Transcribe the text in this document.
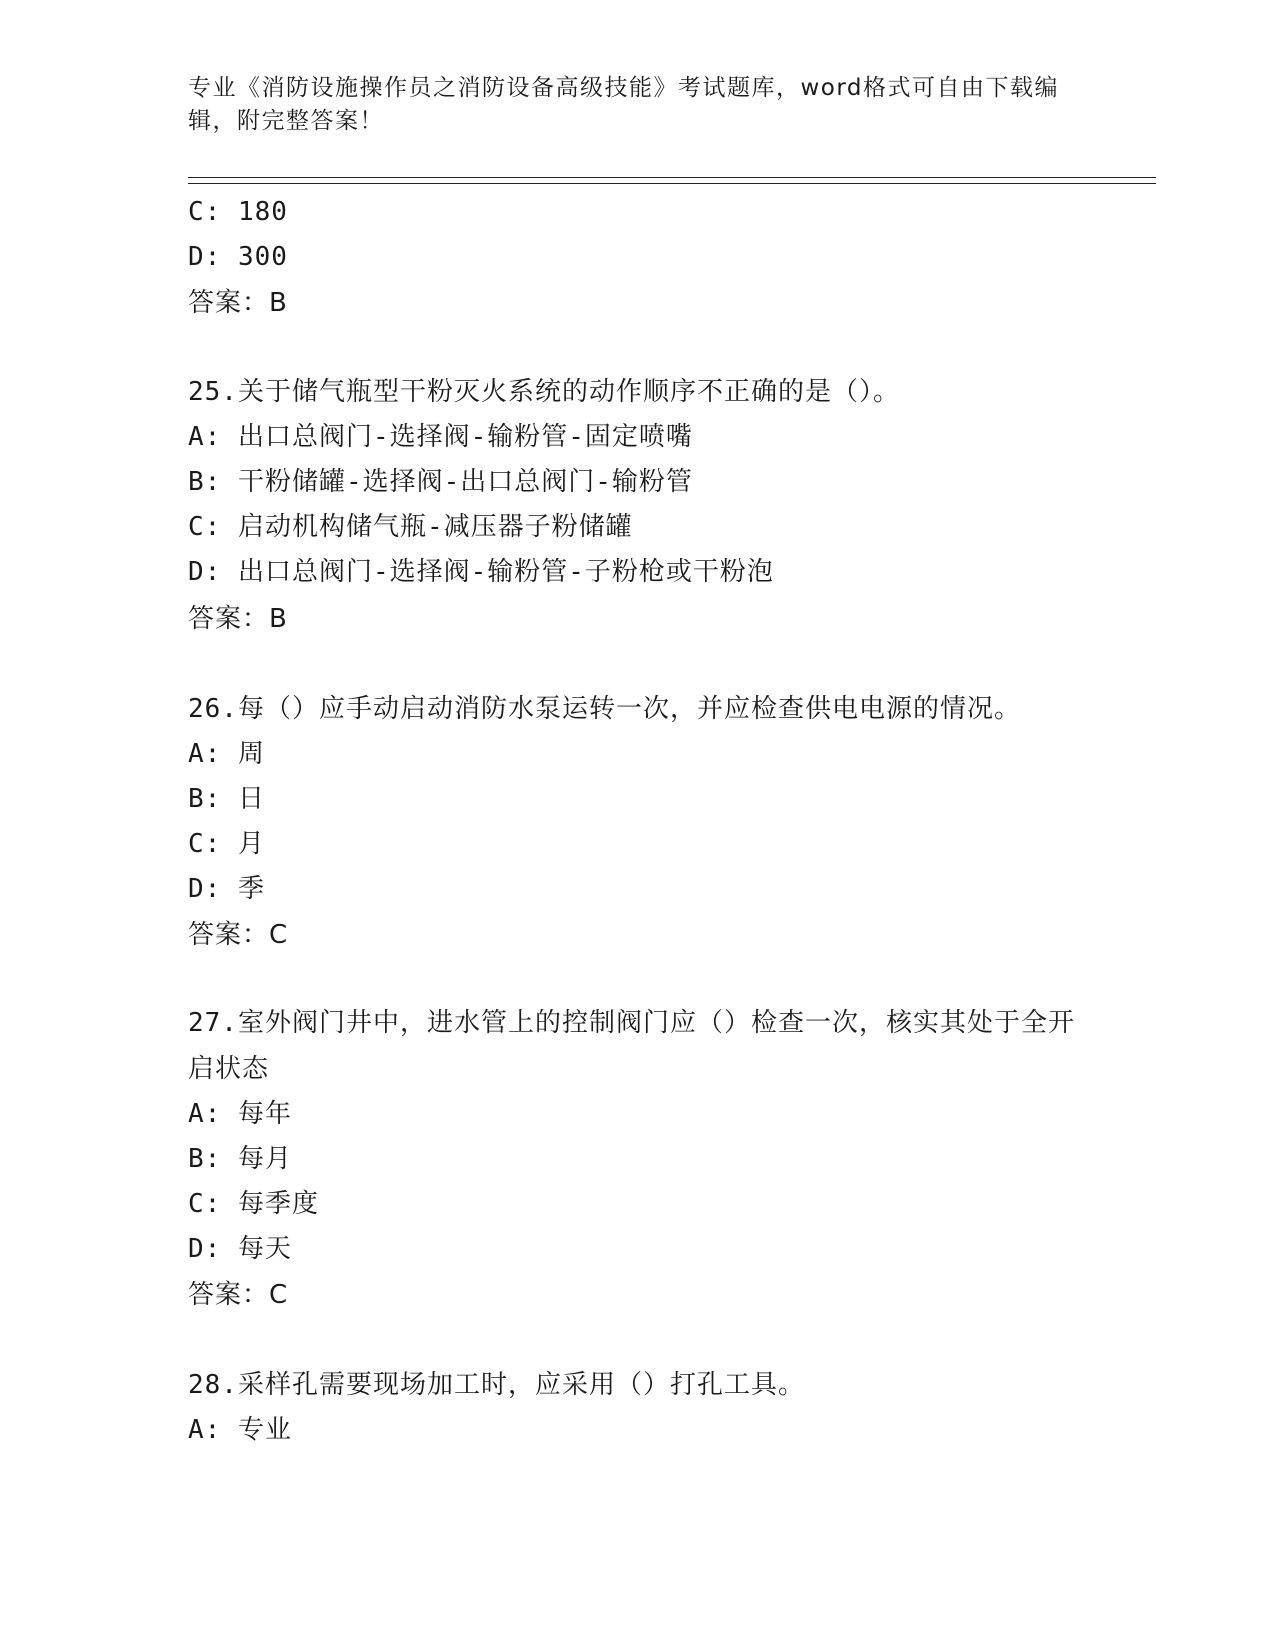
专业《消防设施操作员之消防设备高级技能》考试题库，word格式可自由下载编辑，附完整答案！
C: 180
D: 300
答案：B
25.关于储气瓶型干粉灭火系统的动作顺序不正确的是（）。
A: 出口总阀门-选择阀-输粉管-固定喷嘴
B: 干粉储罐-选择阀-出口总阀门-输粉管
C: 启动机构储气瓶-减压器子粉储罐
D: 出口总阀门-选择阀-输粉管-子粉枪或干粉泡
答案：B
26.每（）应手动启动消防水泵运转一次，并应检查供电电源的情况。
A: 周
B: 日
C: 月
D: 季
答案：C
27.室外阀门井中，进水管上的控制阀门应（）检查一次，核实其处于全开启状态
A: 每年
B: 每月
C: 每季度
D: 每天
答案：C
28.采样孔需要现场加工时，应采用（）打孔工具。
A: 专业
